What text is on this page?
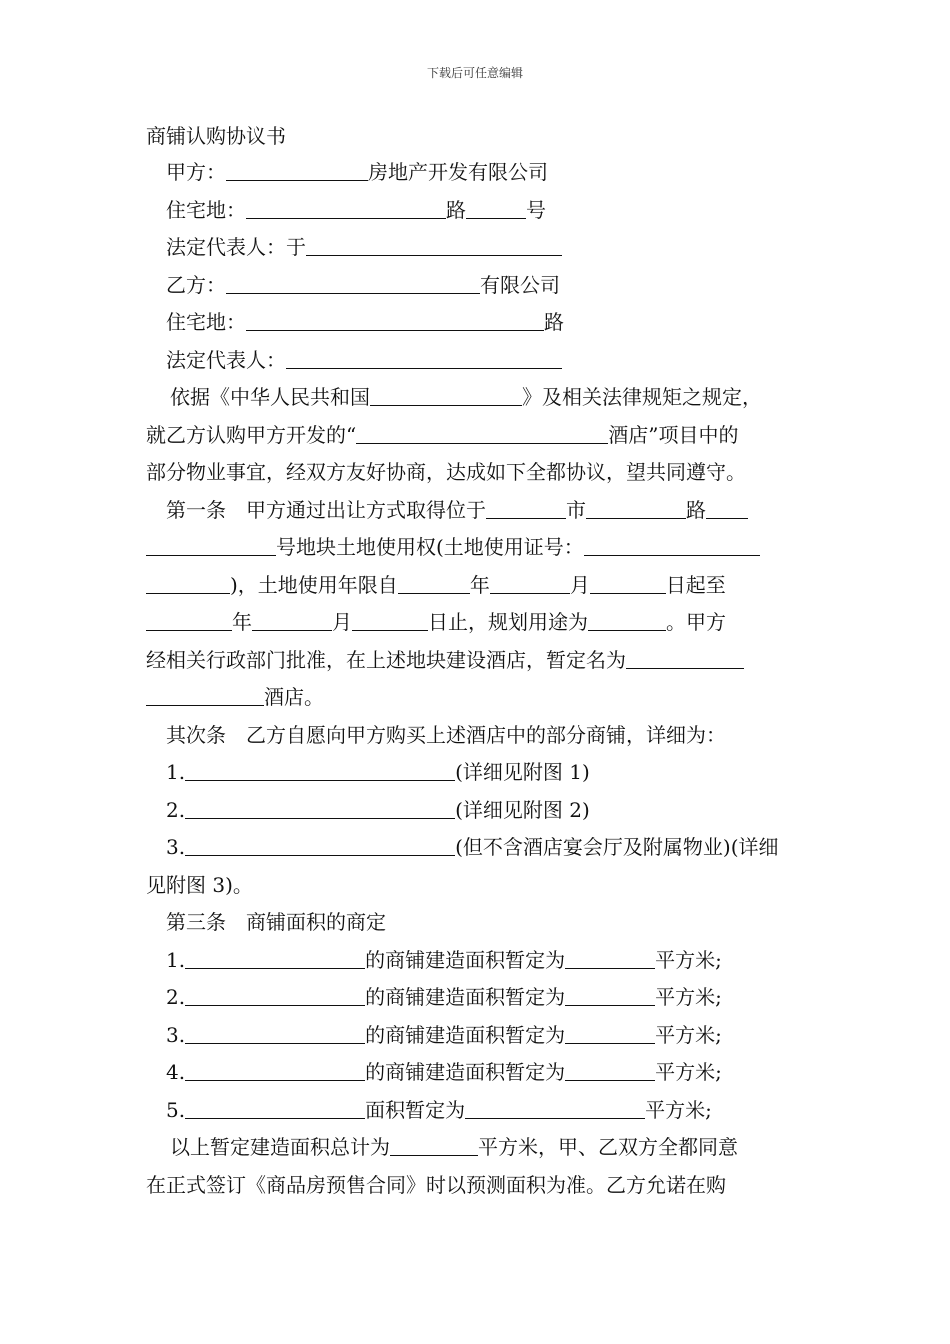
下载后可任意编辑
商铺认购协议书
甲方：	房地产开发有限公司
住宅地：	路	号
法定代表人：于
乙方：	有限公司
住宅地：	路
法定代表人：
依据《中华人民共和国	》及相关法律规矩之规定，
就乙方认购甲方开发的“	酒店”项目中的
部分物业事宜，经双方友好协商，达成如下全都协议，望共同遵守。
第一条　甲方通过出让方式取得位于	市	路
号地块土地使用权(土地使用证号：
)，土地使用年限自	年	月	日起至
年	月	日止，规划用途为	。甲方
经相关行政部门批准，在上述地块建设酒店，暂定名为
酒店。
其次条　乙方自愿向甲方购买上述酒店中的部分商铺，详细为：
1.	(详细见附图 1)
2.	(详细见附图 2)
3.	(但不含酒店宴会厅及附属物业)(详细
见附图 3)。
第三条　商铺面积的商定
1.	的商铺建造面积暂定为	平方米;
2.	的商铺建造面积暂定为	平方米;
3.	的商铺建造面积暂定为	平方米;
4.	的商铺建造面积暂定为	平方米;
5.	面积暂定为	平方米;
以上暂定建造面积总计为	平方米，甲、乙双方全都同意
在正式签订《商品房预售合同》时以预测面积为准。乙方允诺在购
